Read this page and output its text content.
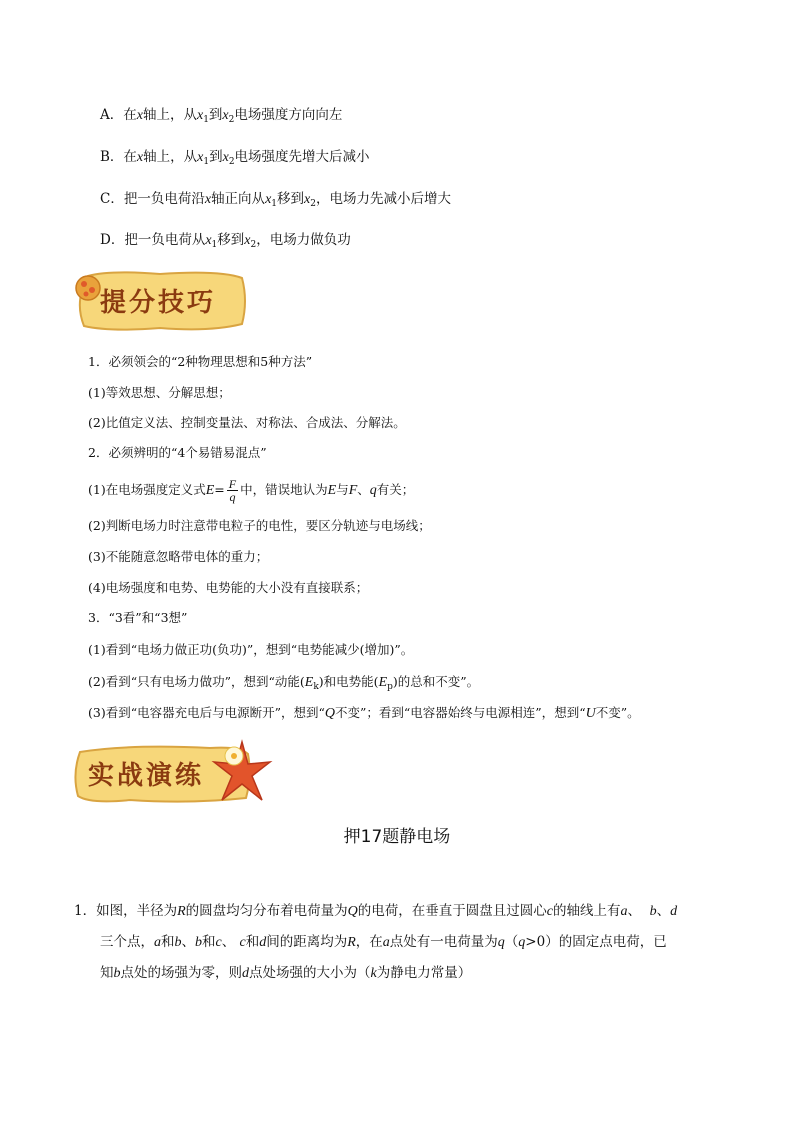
A．在x轴上，从$x_1$到$x_2$电场强度方向向左
B．在x轴上，从$x_1$到$x_2$电场强度先增大后减小
C．把一负电荷沿x轴正向从$x_1$移到$x_2$，电场力先减小后增大
D．把一负电荷从$x_1$移到$x_2$，电场力做负功
提分技巧
1．必须领会的“2种物理思想和5种方法”
(1)等效思想、分解思想；
(2)比值定义法、控制变量法、对称法、合成法、分解法。
2．必须辨明的“4个易错易混点”
(1)在电场强度定义式$E= \frac{F}{q}$ 中，错误地认为E与F、q有关；
(2)判断电场力时注意带电粒子的电性，要区分轨迹与电场线；
(3)不能随意忽略带电体的重力；
(4)电场强度和电势、电势能的大小没有直接联系；
3．“3看”和“3想”
(1)看到“电场力做正功(负功)”，想到“电势能减少(增加)”。
(2)看到“只有电场力做功”，想到“动能$(E_k)$和电势能$(E_p)$的总和不变”。
(3)看到“电容器充电后与电源断开”，想到“Q不变”；看到“电容器始终与电源相连”，想到“U不变”。
实战演练
押17题静电场
1．如图，半径为R的圆盘均匀分布着电荷量为Q的电荷，在垂直于圆盘且过圆心c的轴线上有a、 b、d
三个点，a和b、b和c、 c和d间的距离均为R，在a点处有一电荷量为q（q>0）的固定点电荷，已
知b点处的场强为零，则d点处场强的大小为（k为静电力常量）
